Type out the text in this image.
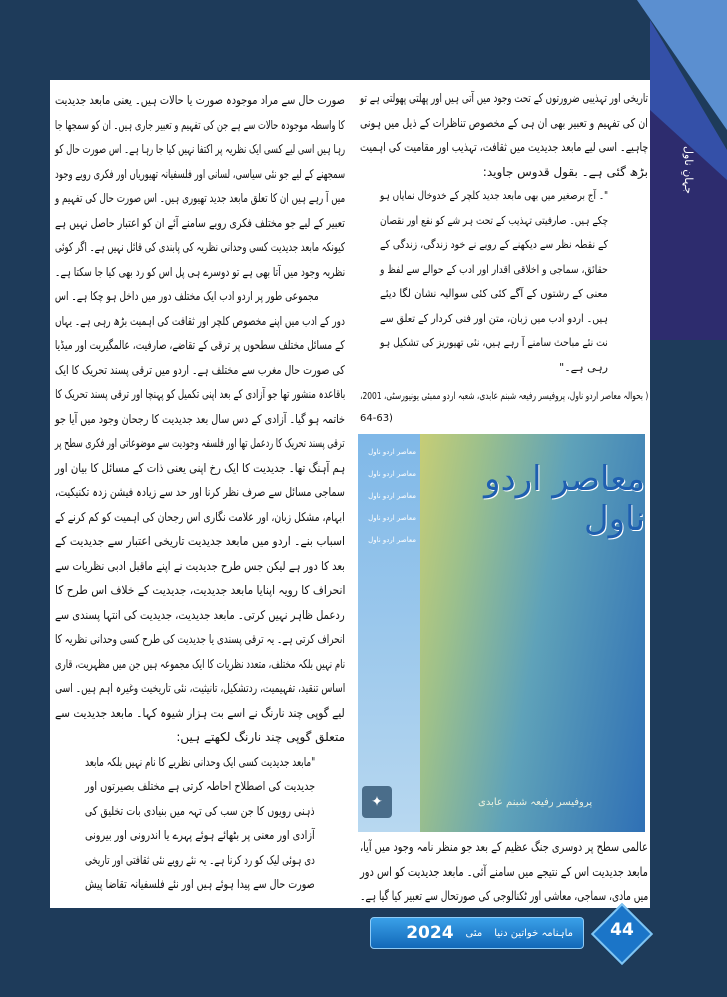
جہانِ ناول
صورت حال سے مراد موجودہ صورت یا حالات ہیں۔ یعنی مابعد جدیدیت
کا واسطہ موجودہ حالات سے ہے جن کی تفہیم و تعبیر جاری ہیں۔ ان کو سمجھا جا
رہا ہیں اسی لیے کسی ایک نظریہ پر اکتفا نہیں کیا جا رہا ہے۔ اس صورت حال کو
سمجھنے کے لیے جو نئی سیاسی، لسانی اور فلسفیانہ تھیوریاں اور فکری رویے وجود
میں آ رہے ہیں ان کا تعلق مابعد جدید تھیوری ہیں۔ اس صورت حال کی تفہیم و
تعبیر کے لیے جو مختلف فکری رویے سامنے آئے ان کو اعتبار حاصل نہیں ہے
کیونکہ مابعد جدیدیت کسی وحدانی نظریہ کی پابندی کی قائل نہیں ہے۔ اگر کوئی
نظریہ وجود میں آتا بھی ہے تو دوسرے ہی پل اس کو رد بھی کیا جا سکتا ہے۔
مجموعی طور پر اردو ادب ایک مختلف دور میں داخل ہو چکا ہے۔ اس
دور کے ادب میں اپنے مخصوص کلچر اور ثقافت کی اہمیت بڑھ رہی ہے۔ یہاں
کے مسائل مختلف سطحوں پر ترقی کے تقاضے، صارفیت، عالمگیریت اور میڈیا
کی صورت حال مغرب سے مختلف ہے۔ اردو میں ترقی پسند تحریک کا ایک
باقاعدہ منشور تھا جو آزادی کے بعد اپنی تکمیل کو پہنچا اور ترقی پسند تحریک کا
خاتمہ ہو گیا۔ آزادی کے دس سال بعد جدیدیت کا رجحان وجود میں آیا جو
ترقی پسند تحریک کا ردعمل تھا اور فلسفہ وجودیت سے موضوعاتی اور فکری سطح پر
ہم آہنگ تھا۔ جدیدیت کا ایک رخ اپنی یعنی ذات کے مسائل کا بیان اور
سماجی مسائل سے صرف نظر کرنا اور حد سے زیادہ فیشن زدہ تکنیکیت،
ابہام، مشکل زبان، اور علامت نگاری اس رجحان کی اہمیت کو کم کرنے کے
اسباب بنے۔ اردو میں مابعد جدیدیت تاریخی اعتبار سے جدیدیت کے
بعد کا دور ہے لیکن جس طرح جدیدیت نے اپنے ماقبل ادبی نظریات سے
انحراف کا رویہ اپنایا مابعد جدیدیت، جدیدیت کے خلاف اس طرح کا
ردعمل ظاہر نہیں کرتی۔ مابعد جدیدیت، جدیدیت کی انتہا پسندی سے
انحراف کرتی ہے۔ یہ ترقی پسندی یا جدیدیت کی طرح کسی وحدانی نظریہ کا
نام نہیں بلکہ مختلف، متعدد نظریات کا ایک مجموعہ ہیں جن میں مظہریت، قاری
اساس تنقید، تفہیمیت، ردتشکیل، تانیثیت، نئی تاریخیت وغیرہ اہم ہیں۔ اسی
لیے گوپی چند نارنگ نے اسے بت ہزار شیوہ کہا۔ مابعد جدیدیت سے
متعلق گوپی چند نارنگ لکھتے ہیں:
"مابعد جدیدیت کسی ایک وحدانی نظریے کا نام نہیں بلکہ مابعد
جدیدیت کی اصطلاح احاطہ کرتی ہے مختلف بصیرتوں اور
ذہنی رویوں کا جن سب کی تہہ میں بنیادی بات تخلیق کی
آزادی اور معنی پر بٹھائے ہوئے پہرے یا اندرونی اور بیرونی
دی ہوئی لیک کو رد کرنا ہے۔ یہ نئے رویے نئی ثقافتی اور تاریخی
صورت حال سے پیدا ہوئے ہیں اور نئے فلسفیانہ تقاضا پیش
تاریخی اور تہذیبی ضرورتوں کے تحت وجود میں آتی ہیں اور پھلتی پھولتی ہے تو
ان کی تفہیم و تعبیر بھی ان ہی کے مخصوص تناظرات کے ذیل میں ہونی
چاہیے۔ اسی لیے مابعد جدیدیت میں ثقافت، تہذیب اور مقامیت کی اہمیت
بڑھ گئی ہے۔ بقول قدوس جاوید:
"۔ آج برصغیر میں بھی مابعد جدید کلچر کے خدوخال نمایاں ہو
چکے ہیں۔ صارفیتی تہذیب کے تحت ہر شے کو نفع اور نقصان
کے نقطہ نظر سے دیکھنے کے رویے نے خود زندگی، زندگی کے
حقائق، سماجی و اخلاقی اقدار اور ادب کے حوالے سے لفظ و
معنی کے رشتوں کے آگے کئی کئی سوالیہ نشان لگا دیئے
ہیں۔ اردو ادب میں زبان، متن اور فنی کردار کے تعلق سے
نت نئے مباحث سامنے آ رہے ہیں، نئی تھیوریز کی تشکیل ہو
رہی ہے۔"
( بحوالہ معاصر اردو ناول، پروفیسر رفیعہ شبنم عابدی، شعبہ اردو ممبئی یونیورسٹی، 2001،
64-63)
معاصر اردو ناول
معاصر اردو ناول
معاصر اردو ناول
معاصر اردو ناول
معاصر اردو ناول
معاصر اردو ناول
پروفیسر رفیعہ شبنم عابدی
✦
عالمی سطح پر دوسری جنگ عظیم کے بعد جو منظر نامہ وجود میں آیا،
مابعد جدیدیت اس کے نتیجے میں سامنے آئی۔ مابعد جدیدیت کو اس دور
میں مادی، سماجی، معاشی اور ٹکنالوجی کی صورتحال سے تعبیر کیا گیا ہے۔
ماہنامہ خواتین دنیا
مئی
2024	44
